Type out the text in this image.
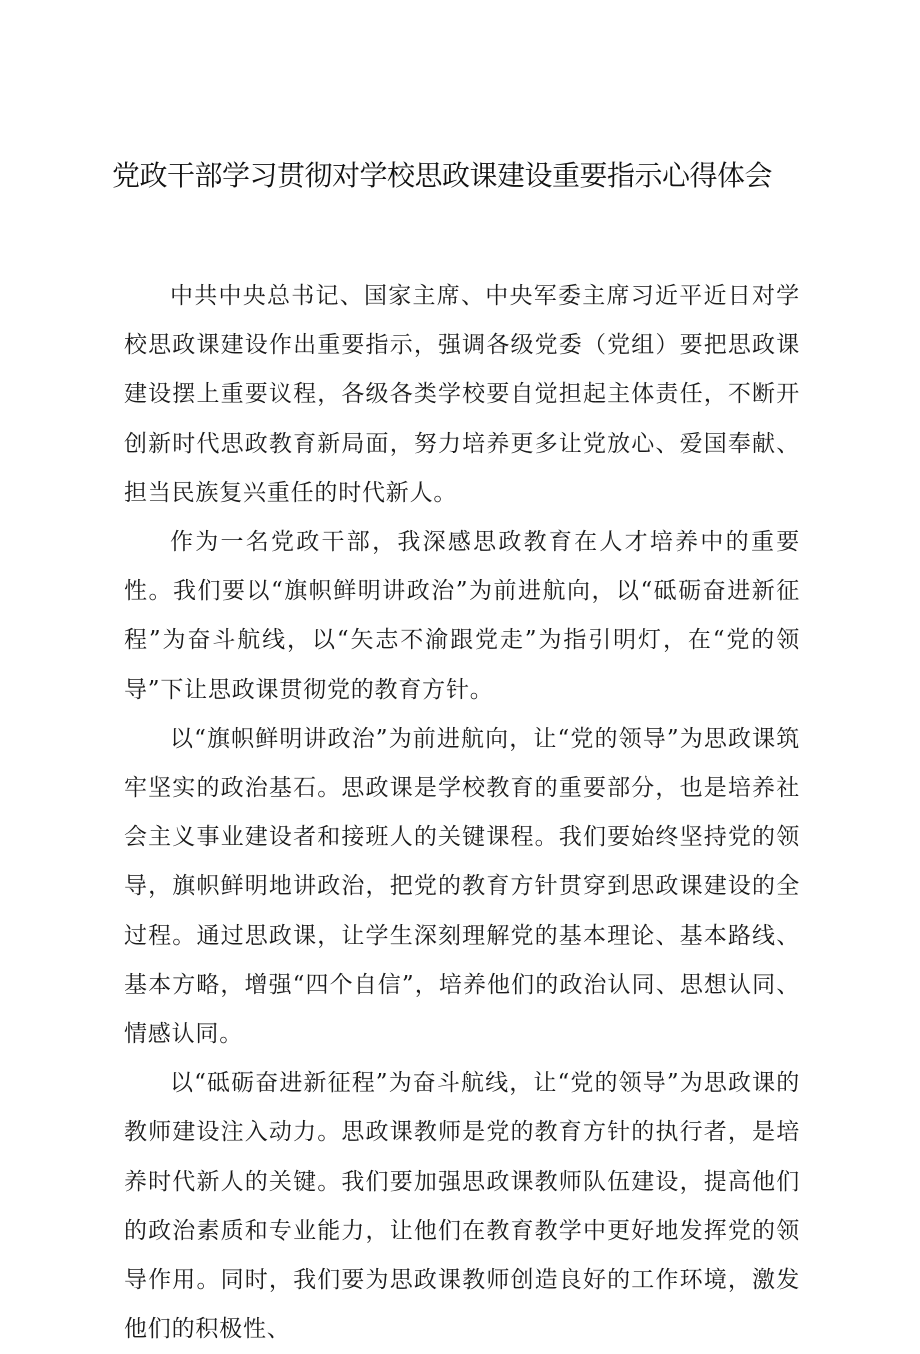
党政干部学习贯彻对学校思政课建设重要指示心得体会

中共中央总书记、国家主席、中央军委主席习近平近日对学校思政课建设作出重要指示，强调各级党委（党组）要把思政课建设摆上重要议程，各级各类学校要自觉担起主体责任，不断开创新时代思政教育新局面，努力培养更多让党放心、爱国奉献、担当民族复兴重任的时代新人。

作为一名党政干部，我深感思政教育在人才培养中的重要性。我们要以“旗帜鲜明讲政治”为前进航向，以“砥砺奋进新征程”为奋斗航线，以“矢志不渝跟党走”为指引明灯，在“党的领导”下让思政课贯彻党的教育方针。

以“旗帜鲜明讲政治”为前进航向，让“党的领导”为思政课筑牢坚实的政治基石。思政课是学校教育的重要部分，也是培养社会主义事业建设者和接班人的关键课程。我们要始终坚持党的领导，旗帜鲜明地讲政治，把党的教育方针贯穿到思政课建设的全过程。通过思政课，让学生深刻理解党的基本理论、基本路线、基本方略，增强“四个自信”，培养他们的政治认同、思想认同、情感认同。

以“砥砺奋进新征程”为奋斗航线，让“党的领导”为思政课的教师建设注入动力。思政课教师是党的教育方针的执行者，是培养时代新人的关键。我们要加强思政课教师队伍建设，提高他们的政治素质和专业能力，让他们在教育教学中更好地发挥党的领导作用。同时，我们要为思政课教师创造良好的工作环境，激发他们的积极性、
